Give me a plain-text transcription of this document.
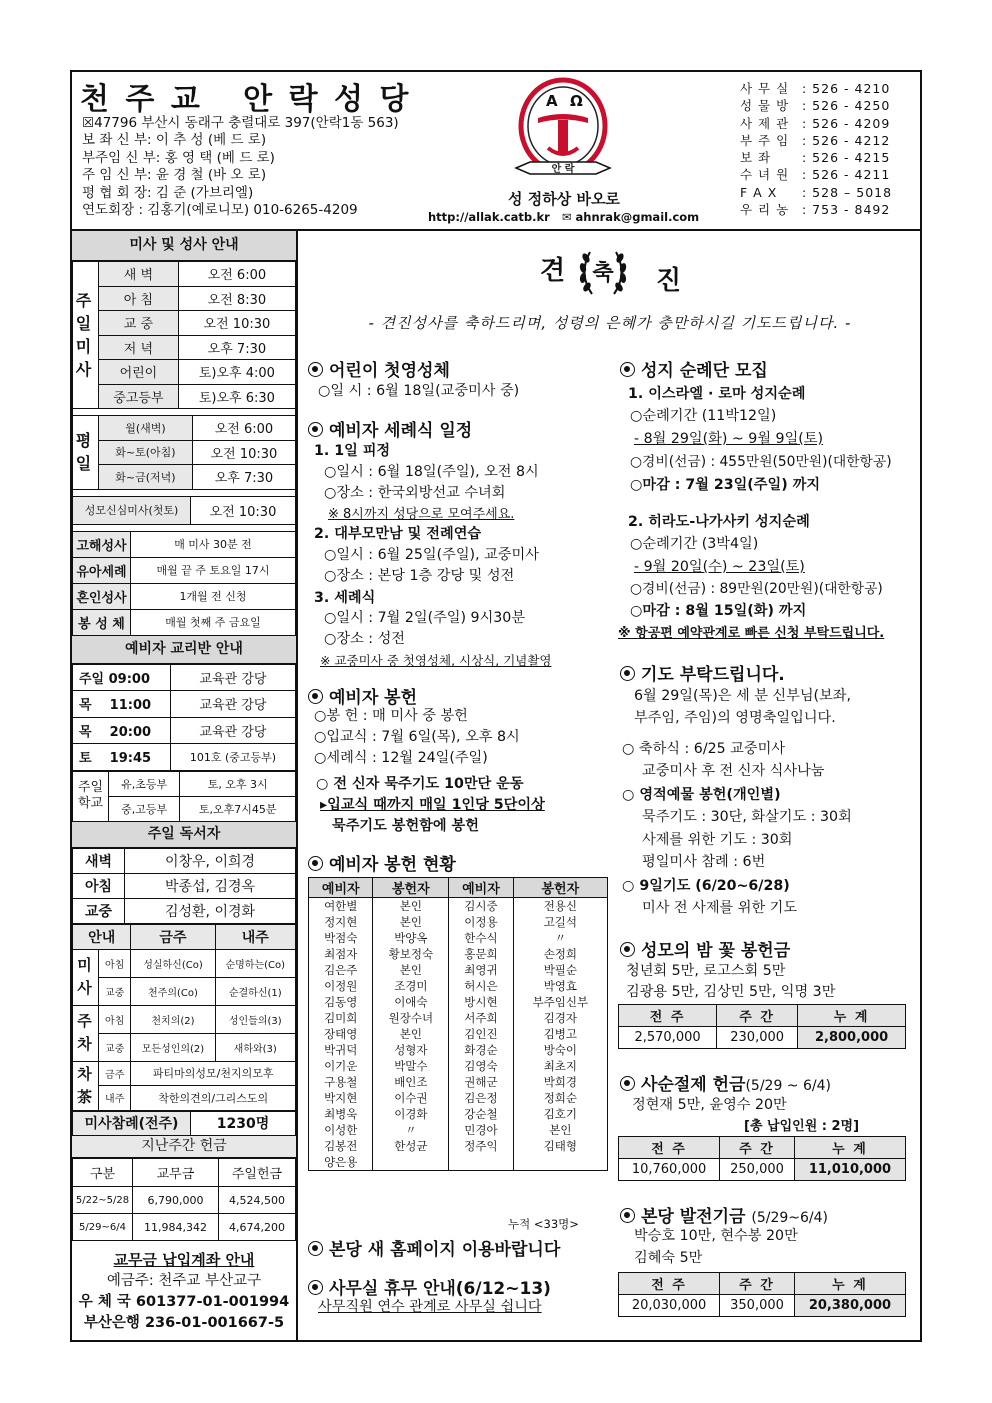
천 주 교   안 락 성 당
☒47796 부산시 동래구 충렬대로 397(안락1동 563)
보 좌 신 부: 이 추 성 (베 드 로)
부주임 신 부: 홍 영 택 (베 드 로)
주 임 신 부: 윤 경 철 (바 오 로)
평 협 회 장: 김 준 (가브리엘)
연도회장 : 김홍기(예로니모) 010-6265-4209
A Ω
안 락
성 정하상 바오로
http://allak.catb.kr ✉ ahnrak@gmail.com
사 무 실	: 526 - 4210
성 물 방	: 526 - 4250
사 제 관	: 526 - 4209
부 주 임	: 526 - 4212
보 좌	: 526 - 4215
수 녀 원	: 526 - 4211
F A X	: 528 – 5018
우 리 농	: 753 - 8492
미사 및 성사 안내
주일미사	새 벽	오전 6:00
	아 침	오전 8:30
	교 중	오전 10:30
	저 녁	오후 7:30
	어린이	토)오후 4:00
	중고등부	토)오후 6:30
평일	월(새벽)	오전 6:00
	화~토(아침)	오전 10:30
	화~금(저녁)	오후 7:30
성모신심미사(첫토)	오전 10:30
고해성사	매 미사 30분 전
유아세례	매월 끝 주 토요일 17시
혼인성사	1개월 전 신청
봉 성 체	매월 첫째 주 금요일
예비자 교리반 안내
주일 09:00	교육관 강당
목    11:00	교육관 강당
목    20:00	교육관 강당
토    19:45	101호 (중고등부)
주일학교	유,초등부	토, 오후 3시
	중,고등부	토,오후7시45분
주일 독서자
새벽	이창우, 이희경
아침	박종섭, 김경옥
교중	김성환, 이경화
안내		금주	내주
미사	아침	성실하신(Co)	순명하는(Co)
	교중	천주의(Co)	순결하신(1)
주차	아침	천치의(2)	성인들의(3)
	교중	모든성인의(2)	새하와(3)
차茶	금주	파티마의성모/천지의모후	
	내주	착한의견의/그리스도의	
미사참례(전주)	1230명
지난주간 헌금
구분	교무금	주일헌금
5/22~5/28	6,790,000	4,524,500
5/29~6/4	11,984,342	4,674,200
교무금 납입계좌 안내
예금주: 천주교 부산교구
우 체 국 601377-01-001994
부산은행 236-01-001667-5
견 축 진
- 견진성사를 축하드리며, 성령의 은혜가 충만하시길 기도드립니다. -
어린이 첫영성체
○일 시 : 6월 18일(교중미사 중)
예비자 세례식 일정
1. 1일 피정
○일시 : 6월 18일(주일), 오전 8시
○장소 : 한국외방선교 수녀회
※ 8시까지 성당으로 모여주세요.
2. 대부모만남 및 전례연습
○일시 : 6월 25일(주일), 교중미사
○장소 : 본당 1층 강당 및 성전
3. 세례식
○일시 : 7월 2일(주일) 9시30분
○장소 : 성전
※ 교중미사 중 첫영성체, 시상식, 기념촬영
예비자 봉헌
○봉 헌 : 매 미사 중 봉헌
○입교식 : 7월 6일(목), 오후 8시
○세례식 : 12월 24일(주일)
○ 전 신자 묵주기도 10만단 운동
▸입교식 때까지 매일 1인당 5단이상
묵주기도 봉헌함에 봉헌
예비자 봉헌 현황
예비자	봉헌자	예비자	봉헌자
여한별	본인	김시중	전용신
정지현	본인	이정용	고길석
박점숙	박양옥	한수식	〃
최점자	황보정숙	홍문희	손정희
김은주	본인	최영귀	박필순
이정원	조경미	허시은	박영효
김동영	이애숙	방시현	부주임신부
김미희	원장수녀	서주희	김경자
장태영	본인	김인진	김병고
박귀덕	성형자	화경순	방숙이
이기운	박말수	김영숙	최초지
구용철	배인조	권해군	박희경
박지현	이수권	김은정	정희순
최병욱	이경화	강순철	김호기
이성한	〃	민경아	본인
김봉전	한성균	정주익	김태형
양은용			
누적 <33명>
본당 새 홈페이지 이용바랍니다
사무실 휴무 안내(6/12~13)
사무직원 연수 관계로 사무실 쉽니다
성지 순례단 모집
1. 이스라엘 · 로마 성지순례
○순례기간 (11박12일)
- 8월 29일(화) ~ 9월 9일(토)
○경비(선금) : 455만원(50만원)(대한항공)
○마감 : 7월 23일(주일) 까지
2. 히라도-나가사키 성지순례
○순례기간 (3박4일)
- 9월 20일(수) ~ 23일(토)
○경비(선금) : 89만원(20만원)(대한항공)
○마감 : 8월 15일(화) 까지
※ 항공편 예약관계로 빠른 신청 부탁드립니다.
기도 부탁드립니다.
6월 29일(목)은 세 분 신부님(보좌,
부주임, 주임)의 영명축일입니다.
○ 축하식 : 6/25 교중미사
교중미사 후 전 신자 식사나눔
○ 영적예물 봉헌(개인별)
묵주기도 : 30단, 화살기도 : 30회
사제를 위한 기도 : 30회
평일미사 참례 : 6번
○ 9일기도 (6/20~6/28)
미사 전 사제를 위한 기도
성모의 밤 꽃 봉헌금
청년회 5만, 로고스회 5만
김광용 5만, 김상민 5만, 익명 3만
전 주	주 간	누 계
2,570,000	230,000	2,800,000
사순절제 헌금(5/29 ~ 6/4)
정현재 5만, 윤영수 20만
[총 납입인원 : 2명]
전 주	주 간	누 계
10,760,000	250,000	11,010,000
본당 발전기금 (5/29~6/4)
박승호 10만, 현수봉 20만
김혜숙 5만
전 주	주 간	누 계
20,030,000	350,000	20,380,000
